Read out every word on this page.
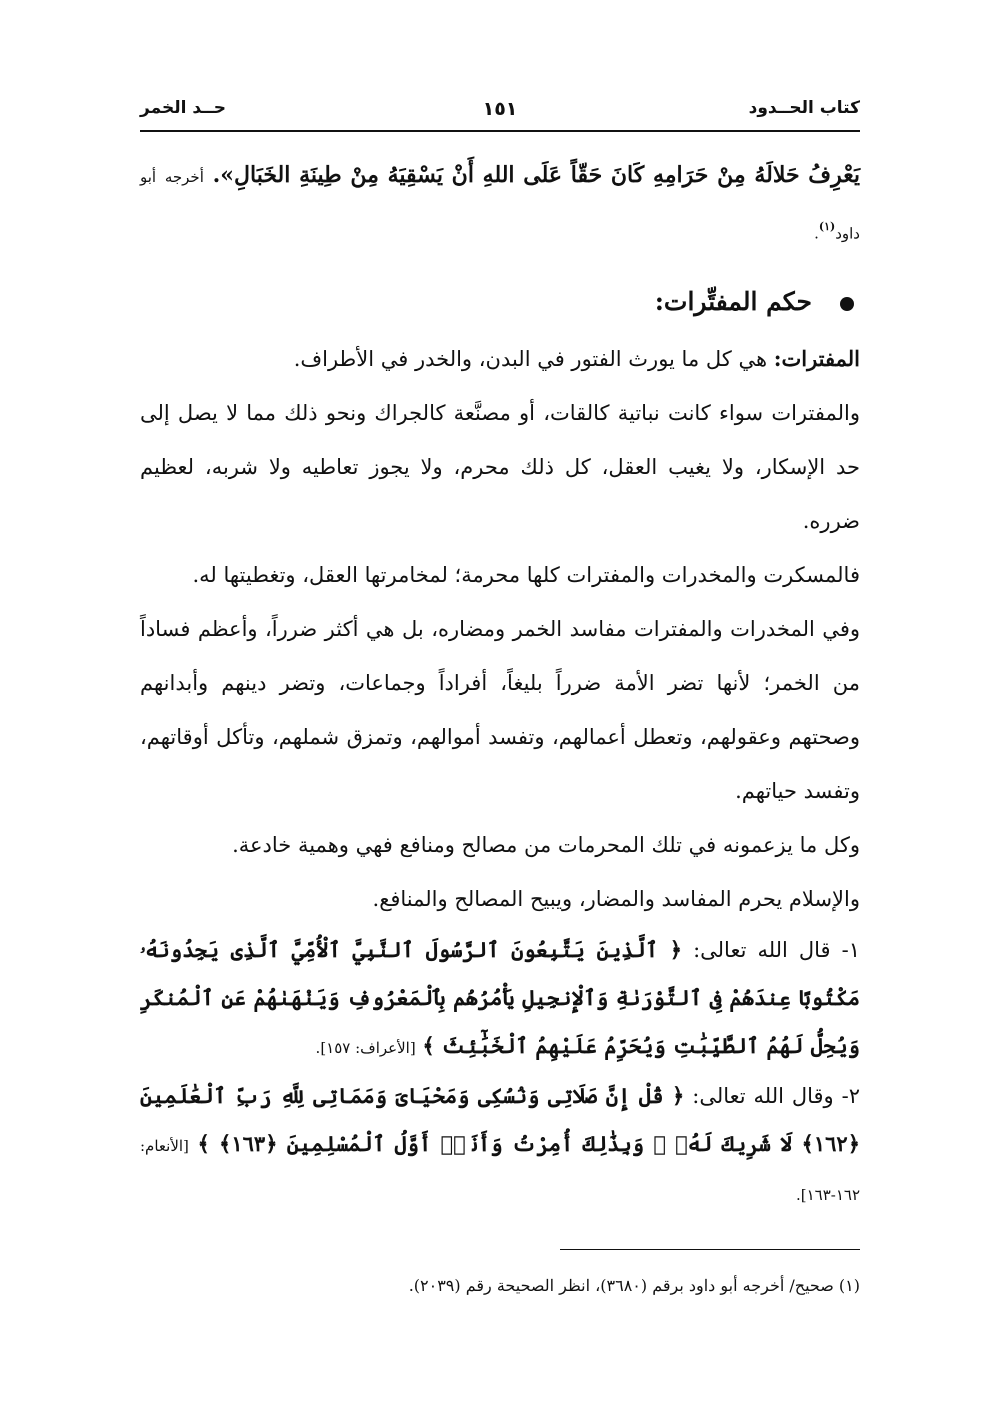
كتاب الحــدود
١٥١
حــد الخمر
يَعْرِفُ حَلالَهُ مِنْ حَرَامِهِ كَانَ حَقّاً عَلَى اللهِ أَنْ يَسْقِيَهُ مِنْ طِينَةِ الخَبَالِ». أخرجه أبو داود$^{(١)}$.
حكم المفتِّرات:

المفترات: هي كل ما يورث الفتور في البدن، والخدر في الأطراف.

والمفترات سواء كانت نباتية كالقات، أو مصنَّعة كالجراك ونحو ذلك مما لا يصل إلى حد الإسكار، ولا يغيب العقل، كل ذلك محرم، ولا يجوز تعاطيه ولا شربه، لعظيم ضرره.

فالمسكرت والمخدرات والمفترات كلها محرمة؛ لمخامرتها العقل، وتغطيتها له.

وفي المخدرات والمفترات مفاسد الخمر ومضاره، بل هي أكثر ضرراً، وأعظم فساداً من الخمر؛ لأنها تضر الأمة ضرراً بليغاً، أفراداً وجماعات، وتضر دينهم وأبدانهم وصحتهم وعقولهم، وتعطل أعمالهم، وتفسد أموالهم، وتمزق شملهم، وتأكل أوقاتهم، وتفسد حياتهم.

وكل ما يزعمونه في تلك المحرمات من مصالح ومنافع فهي وهمية خادعة.

والإسلام يحرم المفاسد والمضار، ويبيح المصالح والمنافع.

١- قال الله تعالى: ﴿ ٱلَّذِينَ يَتَّبِعُونَ ٱلرَّسُولَ ٱلنَّبِيَّ ٱلْأُمِّيَّ ٱلَّذِى يَجِدُونَهُۥ مَكْتُوبًا عِندَهُمْ فِى ٱلتَّوْرَىٰةِ وَٱلْإِنجِيلِ يَأْمُرُهُم بِٱلْمَعْرُوفِ وَيَنْهَىٰهُمْ عَنِ ٱلْمُنكَرِ وَيُحِلُّ لَهُمُ ٱلطَّيِّبَٰتِ وَيُحَرِّمُ عَلَيْهِمُ ٱلْخَبَٰٓئِثَ ﴾ [الأعراف: ١٥٧].
٢- وقال الله تعالى: ﴿ قُلْ إِنَّ صَلَاتِى وَنُسُكِى وَمَحْيَاىَ وَمَمَاتِى لِلَّهِ رَبِّ ٱلْعَٰلَمِينَ ﴿١٦٢﴾ لَا شَرِيكَ لَهُۥ ۖ وَبِذَٰلِكَ أُمِرْتُ وَأَنَا۠ أَوَّلُ ٱلْمُسْلِمِينَ ﴿١٦٣﴾ ﴾ [الأنعام: ١٦٢-١٦٣].
(١) صحيح/ أخرجه أبو داود برقم (٣٦٨٠)، انظر الصحيحة رقم (٢٠٣٩).
